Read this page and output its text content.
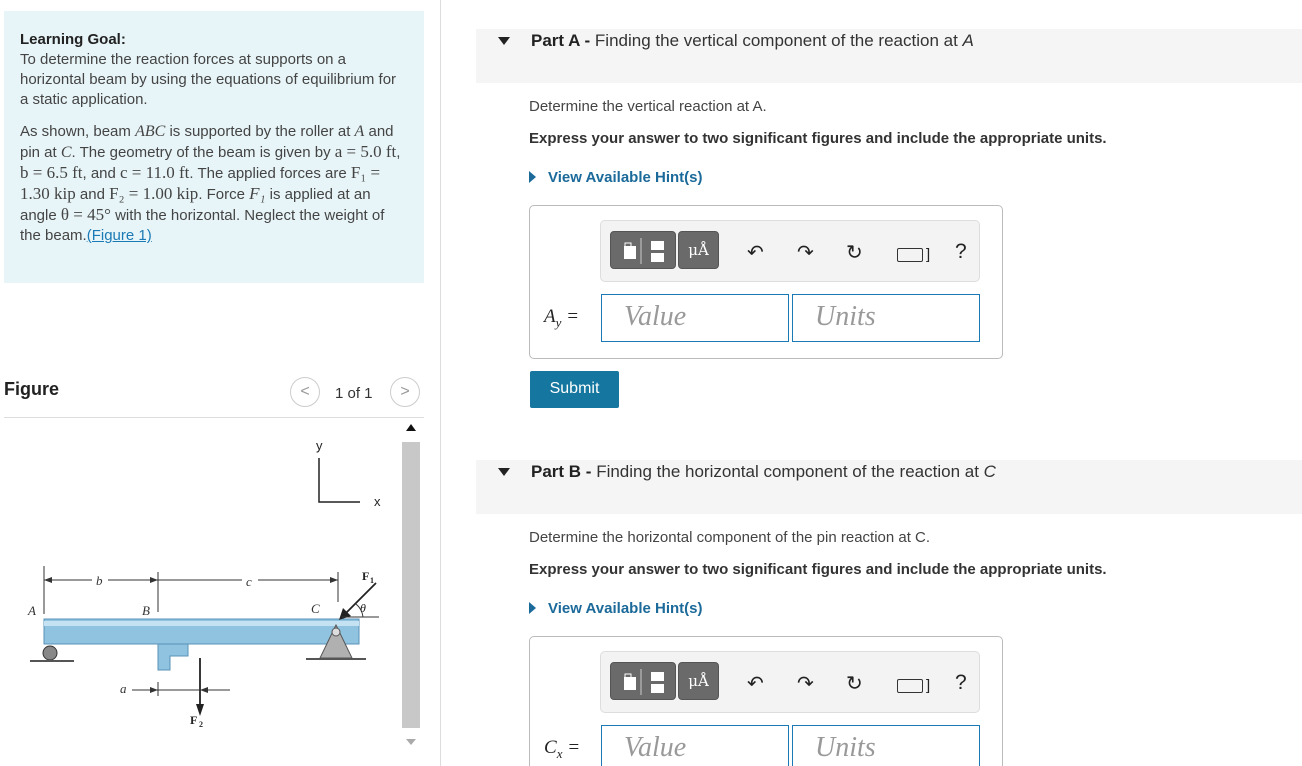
Learning Goal:
To determine the reaction forces at supports on a horizontal beam by using the equations of equilibrium for a static application.
As shown, beam ABC is supported by the roller at A and pin at C. The geometry of the beam is given by a = 5.0 ft, b = 6.5 ft, and c = 11.0 ft. The applied forces are F₁ = 1.30 kip and F₂ = 1.00 kip. Force F₁ is applied at an angle θ = 45° with the horizontal. Neglect the weight of the beam.(Figure 1)
Figure	<	1 of 1	>
y
x
b	c
A	B	C
F 2
a
θ
F 1
Part A - Finding the vertical component of the reaction at A
Determine the vertical reaction at A.
Express your answer to two significant figures and include the appropriate units.
View Available Hint(s)
μÅ	↶ ↷ ↻	] ?
$A_y$ =	Value	Units
Submit
Part B - Finding the horizontal component of the reaction at C
Determine the horizontal component of the pin reaction at C.
Express your answer to two significant figures and include the appropriate units.
View Available Hint(s)
μÅ	↶ ↷ ↻	] ?
$C_x$ =	Value	Units
